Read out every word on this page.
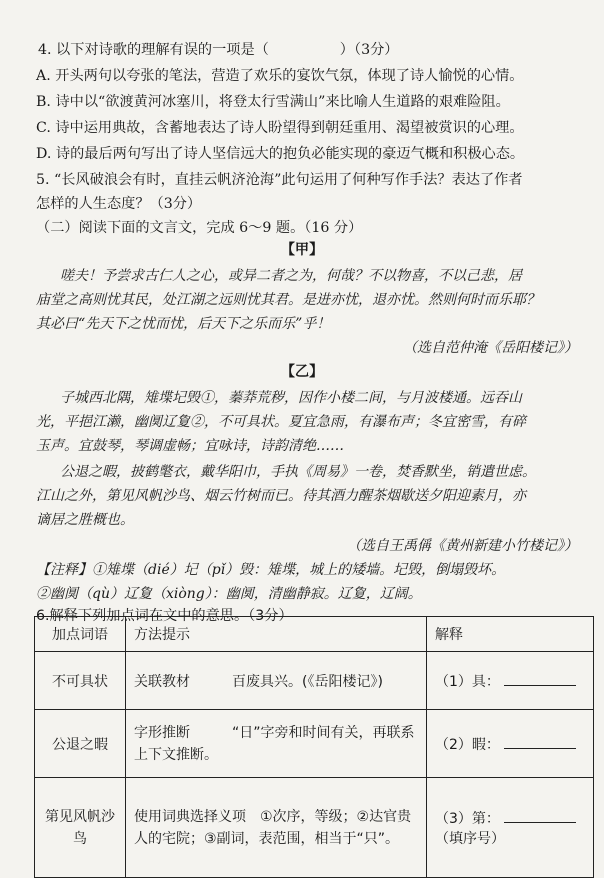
4. 以下对诗歌的理解有误的一项是（　　　　　）（3分）
A. 开头两句以夸张的笔法，营造了欢乐的宴饮气氛，体现了诗人愉悦的心情。
B. 诗中以“欲渡黄河冰塞川，将登太行雪满山”来比喻人生道路的艰难险阻。
C. 诗中运用典故，含蓄地表达了诗人盼望得到朝廷重用、渴望被赏识的心理。
D. 诗的最后两句写出了诗人坚信远大的抱负必能实现的豪迈气概和积极心态。
5. “长风破浪会有时，直挂云帆济沧海”此句运用了何种写作手法？表达了作者
怎样的人生态度？（3分）
（二）阅读下面的文言文，完成 6～9 题。（16 分）
【甲】
嗟夫！予尝求古仁人之心，或异二者之为，何哉？不以物喜，不以己悲，居
庙堂之高则忧其民，处江湖之远则忧其君。是进亦忧，退亦忧。然则何时而乐耶？
其必曰“先天下之忧而忧，后天下之乐而乐”乎！
（选自范仲淹《岳阳楼记》）
【乙】
子城西北隅，雉堞圮毁①，蓁莽荒秽，因作小楼二间，与月波楼通。远吞山
光，平挹江濑，幽阒辽夐②，不可具状。夏宜急雨，有瀑布声；冬宜密雪，有碎
玉声。宜鼓琴，琴调虚畅；宜咏诗，诗韵清绝……
公退之暇，披鹤氅衣，戴华阳巾，手执《周易》一卷，焚香默坐，销遣世虑。
江山之外，第见风帆沙鸟、烟云竹树而已。待其酒力醒茶烟歇送夕阳迎素月，亦
谪居之胜概也。
（选自王禹偁《黄州新建小竹楼记》）
【注释】①雉堞（dié）圮（pǐ）毁：雉堞，城上的矮墙。圮毁，倒塌毁坏。
②幽阒（qù）辽夐（xiòng）：幽阒，清幽静寂。辽夐，辽阔。
6.解释下列加点词在文中的意思。（3分）
加点词语	方法提示	解释
不可具状	关联教材　　　百废具兴。(《岳阳楼记》)	（1）具：
公退之暇	字形推断　　　“日”字旁和时间有关，再联系上下文推断。	（2）暇：
第见风帆沙鸟	使用词典选择义项　①次序，等级；②达官贵人的宅院；③副词，表范围，相当于“只”。	（3）第：
（填序号）
